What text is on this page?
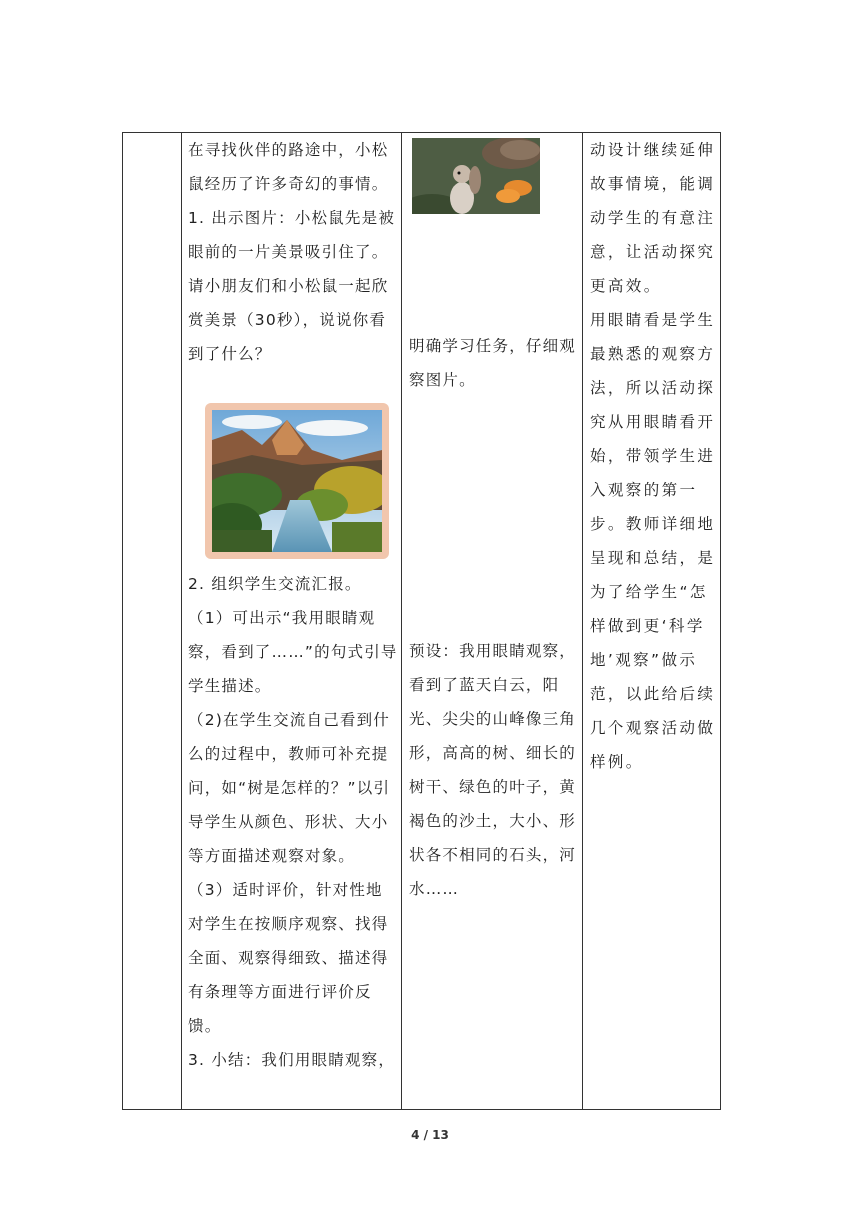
在寻找伙伴的路途中，小松鼠经历了许多奇幻的事情。

1. 出示图片：小松鼠先是被眼前的一片美景吸引住了。请小朋友们和小松鼠一起欣赏美景（30秒），说说你看到了什么？

2. 组织学生交流汇报。

（1）可出示“我用眼睛观察，看到了……”的句式引导学生描述。

（2)在学生交流自己看到什么的过程中，教师可补充提问，如“树是怎样的？”以引导学生从颜色、形状、大小等方面描述观察对象。

（3）适时评价，针对性地对学生在按顺序观察、找得全面、观察得细致、描述得有条理等方面进行评价反馈。

3. 小结：我们用眼睛观察，

明确学习任务，仔细观察图片。

预设：我用眼睛观察，看到了蓝天白云，阳光、尖尖的山峰像三角形，高高的树、细长的树干、绿色的叶子，黄褐色的沙土，大小、形状各不相同的石头，河水……

动设计继续延伸故事情境，能调动学生的有意注意，让活动探究更高效。

用眼睛看是学生最熟悉的观察方法，所以活动探究从用眼睛看开始，带领学生进入观察的第一步。教师详细地呈现和总结，是为了给学生“怎样做到更‘科学地’观察”做示范，以此给后续几个观察活动做样例。

4 / 13
